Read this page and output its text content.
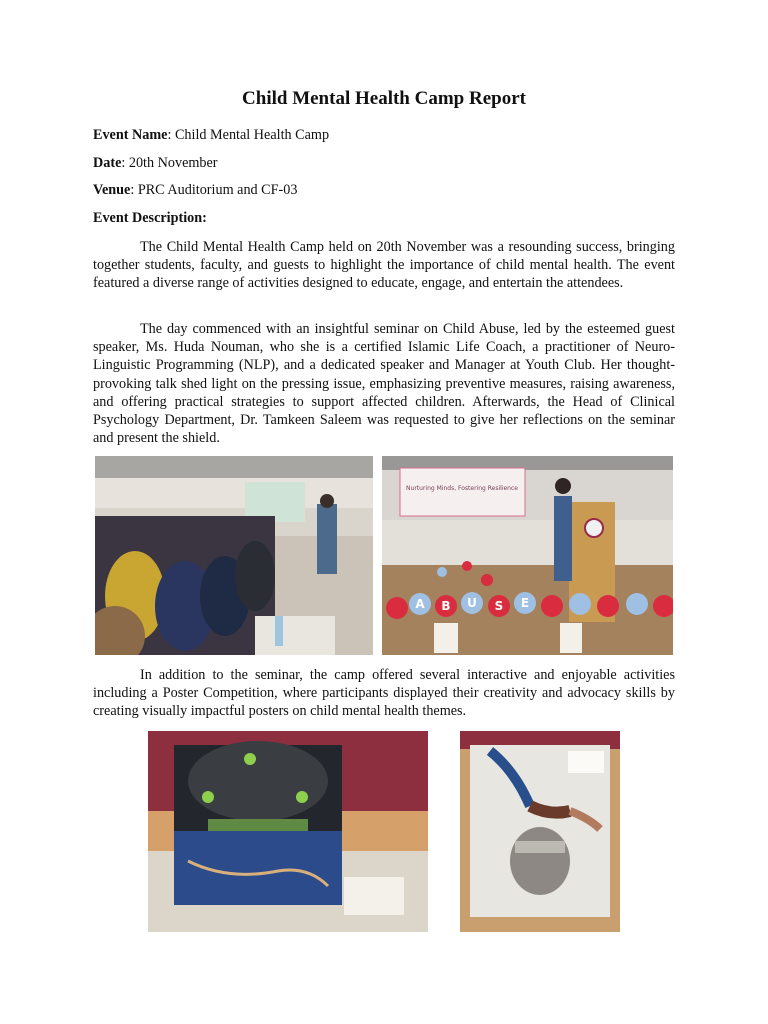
Child Mental Health Camp Report

Event Name: Child Mental Health Camp

Date: 20th November

Venue: PRC Auditorium and CF-03

Event Description:

The Child Mental Health Camp held on 20th November was a resounding success, bringing together students, faculty, and guests to highlight the importance of child mental health. The event featured a diverse range of activities designed to educate, engage, and entertain the attendees.

The day commenced with an insightful seminar on Child Abuse, led by the esteemed guest speaker, Ms. Huda Nouman, who she is a certified Islamic Life Coach, a practitioner of Neuro-Linguistic Programming (NLP), and a dedicated speaker and Manager at Youth Club. Her thought-provoking talk shed light on the pressing issue, emphasizing preventive measures, raising awareness, and offering practical strategies to support affected children. Afterwards, the Head of Clinical Psychology Department, Dr. Tamkeen Saleem was requested to give her reflections on the seminar and present the shield.

Nurturing Minds, Fostering Resilience
A B U S E

In addition to the seminar, the camp offered several interactive and enjoyable activities including a Poster Competition, where participants displayed their creativity and advocacy skills by creating visually impactful posters on child mental health themes.
